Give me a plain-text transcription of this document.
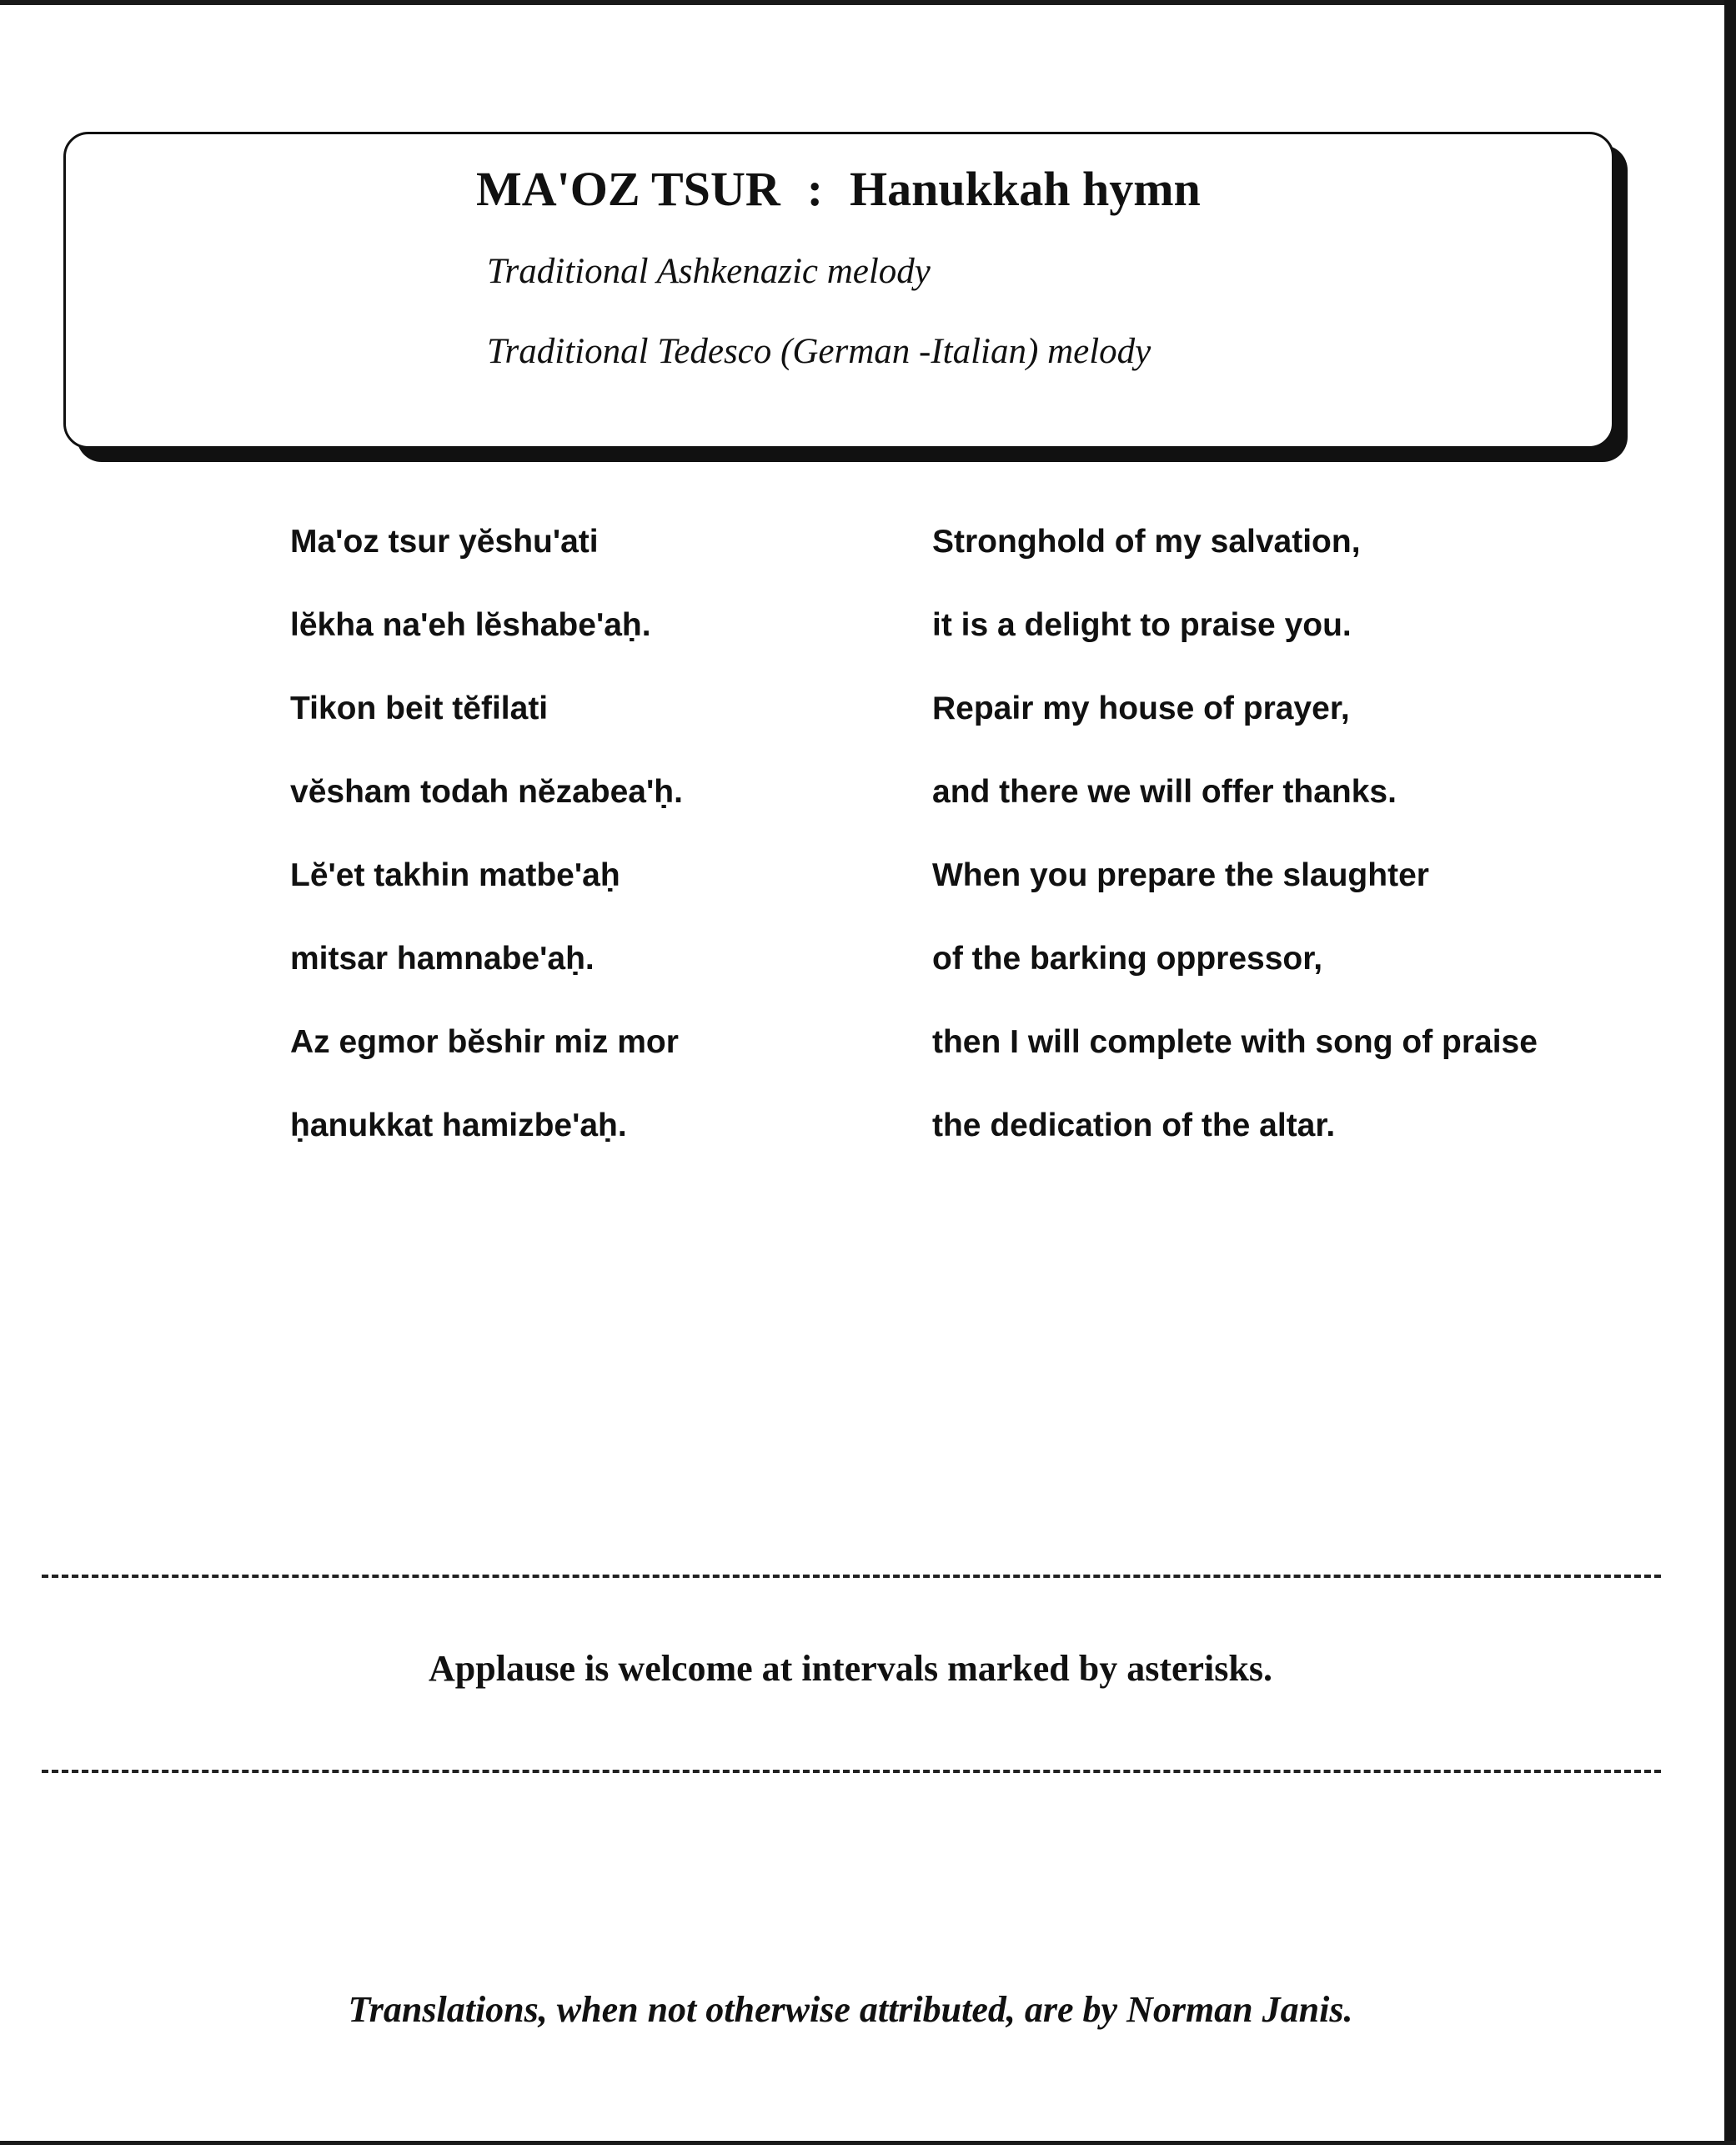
MA'OZ TSUR : Hanukkah hymn
Traditional Ashkenazic melody
Traditional Tedesco (German -Italian) melody
Ma'oz tsur yĕshu'ati
lĕkha na'eh lĕshabe'aḥ.
Tikon beit tĕfilati
vĕsham todah nĕzabea'ḥ.
Lĕ'et takhin matbe'aḥ
mitsar hamnabe'aḥ.
Az egmor bĕshir miz mor
ḥanukkat hamizbe'aḥ.
Stronghold of my salvation,
it is a delight to praise you.
Repair my house of prayer,
and there we will offer thanks.
When you prepare the slaughter
of the barking oppressor,
then I will complete with song of praise
the dedication of the altar.
Applause is welcome at intervals marked by asterisks.
Translations, when not otherwise attributed, are by Norman Janis.
